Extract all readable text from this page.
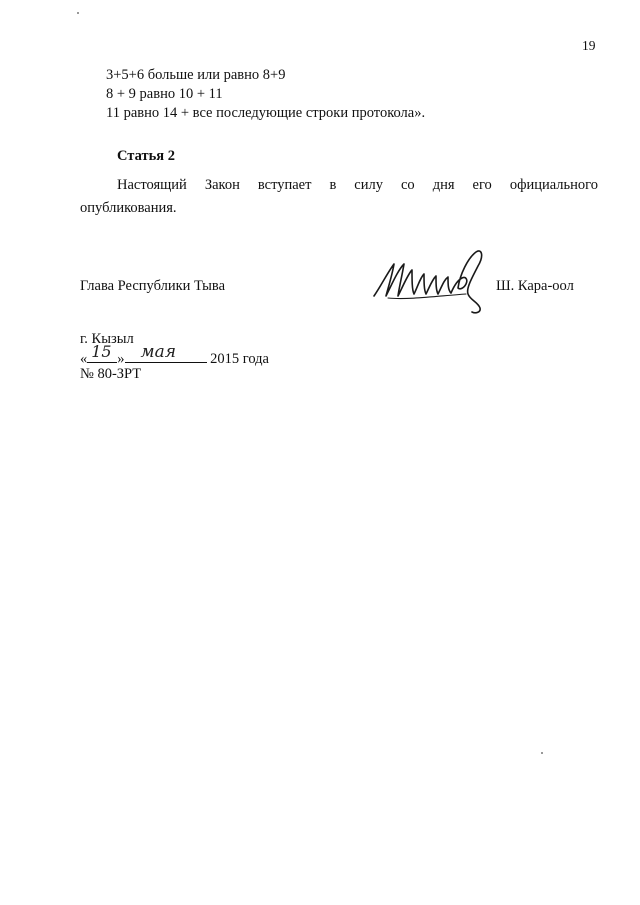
19
3+5+6 больше или равно 8+9
8 + 9 равно 10 + 11
11 равно 14 + все последующие строки протокола».
Статья 2
Настоящий Закон вступает в силу со дня его официального
опубликования.
Глава Республики Тыва	Ш. Кара-оол
г. Кызыл
« 15 » мая 2015 года
№ 80-ЗРТ
